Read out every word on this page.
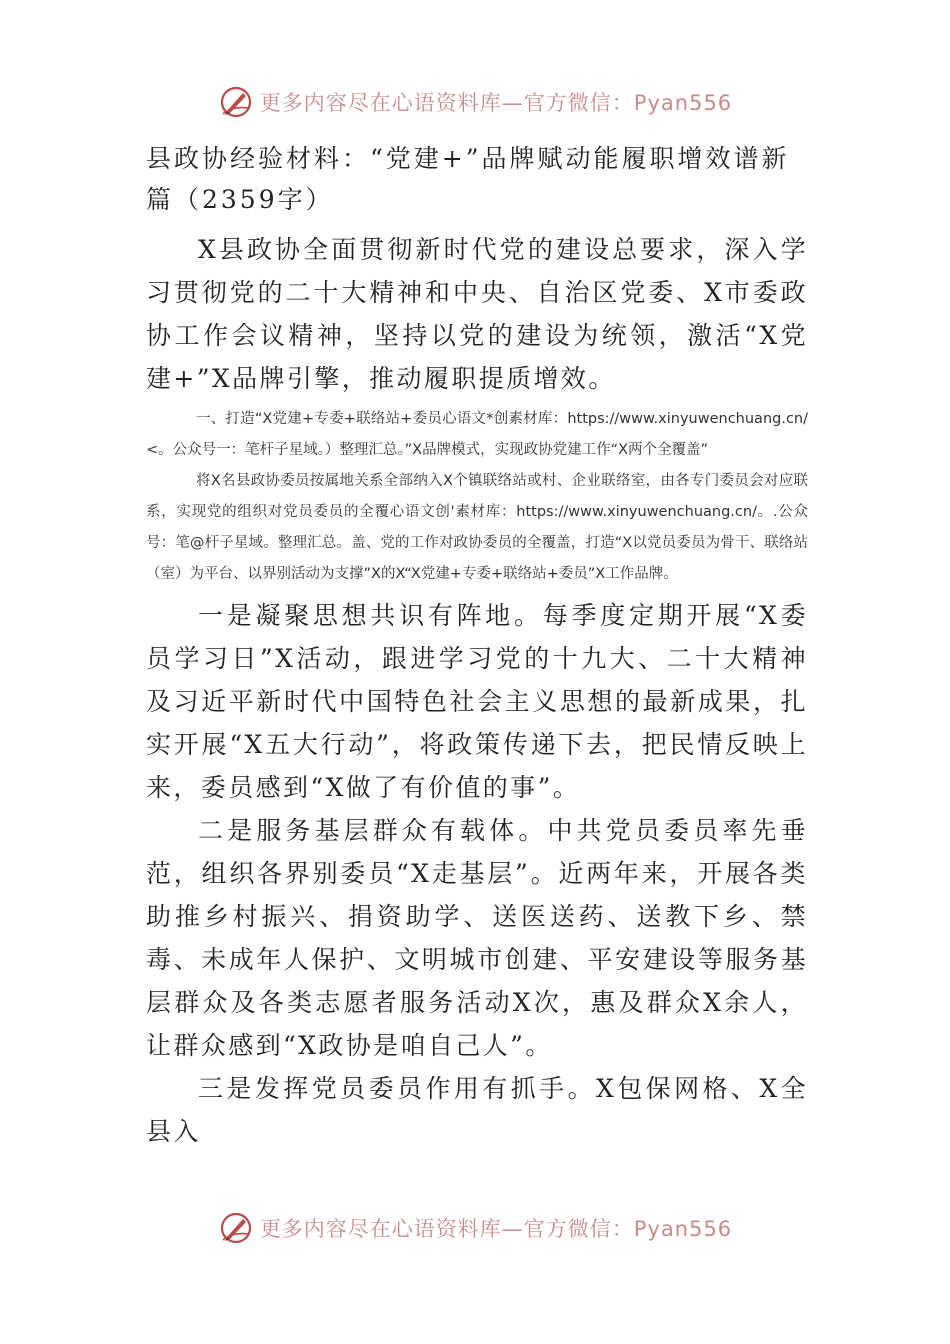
更多内容尽在心语资料库—官方微信：Pyan556
县政协经验材料：“党建+”品牌赋动能履职增效谱新篇（2359字）

X县政协全面贯彻新时代党的建设总要求，深入学习贯彻党的二十大精神和中央、自治区党委、X市委政协工作会议精神，坚持以党的建设为统领，激活“X党建+”X品牌引擎，推动履职提质增效。

一、打造“X党建+专委+联络站+委员心语文*创素材库：https://www.xinyuwenchuang.cn/<。公众号一：笔杆子星域。）整理汇总。”X品牌模式，实现政协党建工作“X两个全覆盖”

将X名县政协委员按属地关系全部纳入X个镇联络站或村、企业联络室，由各专门委员会对应联系，实现党的组织对党员委员的全覆心语文创'素材库：https://www.xinyuwenchuang.cn/。.公众号：笔@杆子星域。整理汇总。盖、党的工作对政协委员的全覆盖，打造“X以党员委员为骨干、联络站（室）为平台、以界别活动为支撑”X的X“X党建+专委+联络站+委员”X工作品牌。

一是凝聚思想共识有阵地。每季度定期开展“X委员学习日”X活动，跟进学习党的十九大、二十大精神及习近平新时代中国特色社会主义思想的最新成果，扎实开展“X五大行动”，将政策传递下去，把民情反映上来，委员感到“X做了有价值的事”。

二是服务基层群众有载体。中共党员委员率先垂范，组织各界别委员“X走基层”。近两年来，开展各类助推乡村振兴、捐资助学、送医送药、送教下乡、禁毒、未成年人保护、文明城市创建、平安建设等服务基层群众及各类志愿者服务活动X次，惠及群众X余人，让群众感到“X政协是咱自己人”。

三是发挥党员委员作用有抓手。X包保网格、X全县入

更多内容尽在心语资料库—官方微信：Pyan556
